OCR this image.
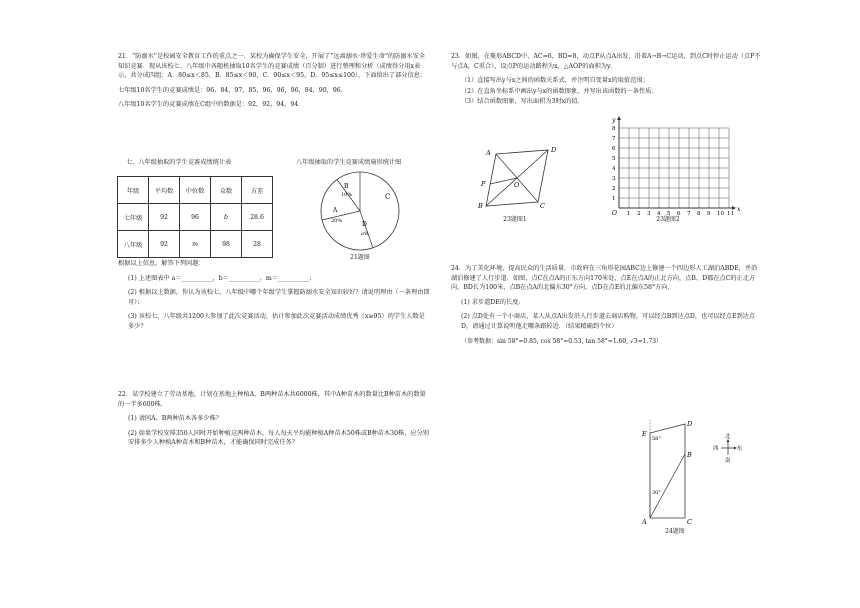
21．“防溺水”是校园安全教育工作的重点之一．某校为确保学生安全，开展了“远离溺水·珍爱生命”的防溺水安全知识竞赛．现从该校七、八年级中各随机抽取10名学生的竞赛成绩（百分制）进行整理和分析（成绩得分用x表示，共分成四组：A．80≤x＜85，B．85≤x＜90，C．90≤x＜95，D．95≤x≤100），下面给出了部分信息：

七年级10名学生的竞赛成绩是：96，84，97，85，96，96，96，84，90，96．

八年级10名学生的竞赛成绩在C组中的数据是：92，92，94，94．

七、八年级抽取的学生竞赛成绩统计表	八年级抽取的学生竞赛成绩扇形统计图
年级	平均数	中位数	众数	方差
七年级	92	96	b	28.6
八年级	92	m	98	28
B
10%	C
A
20%	D
a%
21题图

根据以上信息，解答下列问题：

(1) 上述图表中 a＝__________，b＝__________，m＝__________；

(2) 根据以上数据，你认为该校七、八年级中哪个年级学生掌握防溺水安全知识较好？请说明理由（一条理由即可）；

(3) 该校七、八年级共1200人参加了此次竞赛活动，估计参加此次竞赛活动成绩优秀（x≥95）的学生人数是多少？

22．某学校建立了劳动基地，计划在基地上种植A、B两种苗木共6000株，其中A种苗木的数量比B种苗木的数量的一半多600株．

(1) 请问A、B两种苗木各多少株？

(2) 如果学校安排350人同时开始种植这两种苗木，每人每天平均能种植A种苗木50株或B种苗木30株，应分别安排多少人种植A种苗木和B种苗木，才能确保同时完成任务？

23．如图，在菱形ABCD中，AC=6，BD=8，动点P从点A出发，沿着A→B→C运动，到点C时停止运动（点P不与点A，C重合），设点P的运动路程为x，△AOP的面积为y．

（1）直接写出y与x之间的函数关系式，并注明自变量x的取值范围；

（2）在直角坐标系中画出y与x的函数图象，并写出该函数的一条性质；

（3）结合函数图象，写出面积为3时x的值．

A	D
C
B
O
P
23题图1
x
y
O 1 2 3 4 5 6 7 8 9 10 11
1
2
3
4
5
6
7
8
23题图2

24．为了美化环境，提高民众的生活质量．市政府在三角形花园ABC边上修建一个四边形人工湖泊ABDE，并沿湖泊修建了人行步道．如图，点C在点A的正东方向170米处，点E在点A的正北方向，点B、D都在点C的正北方向，BD长为100米，点B在点A的北偏东30°方向，点D在点E的北偏东58°方向．

(1) 求步道DE的长度．

(2) 点D处有一个小商店，某人从点A出发沿人行步道去商店购物，可以经点B到达点D，也可以经点E到达点D，请通过计算说明他走哪条路较近．（结果精确到个位）

（参考数据：sin 58°≈0.85, cos 58°≈0.53, tan 58°≈1.60, √3≈1.73）

58°
30°
D
E
B
A	C
北
南
西	东
24题图
